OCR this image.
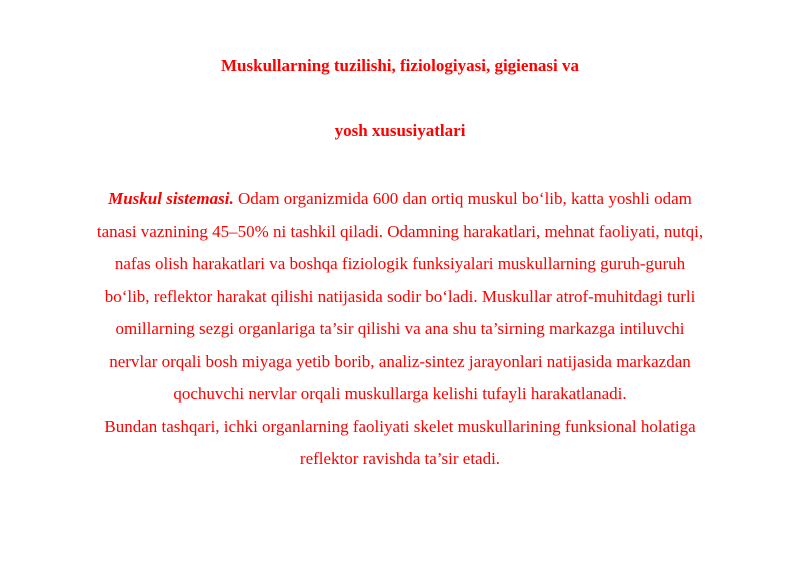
Muskullarning tuzilishi, fiziologiyasi, gigienasi va

yosh xususiyatlari

Muskul sistemasi. Odam organizmida 600 dan ortiq muskul bo‘lib, katta yoshli odam
tanasi vaznining 45–50% ni tashkil qiladi. Odamning harakatlari, mehnat faoliyati, nutqi,
nafas olish harakatlari va boshqa fiziologik funksiyalari muskullarning guruh-guruh
bo‘lib, reflektor harakat qilishi natijasida sodir bo‘ladi. Muskullar atrof-muhitdagi turli
omillarning sezgi organlariga ta’sir qilishi va ana shu ta’sirning markazga intiluvchi
nervlar orqali bosh miyaga yetib borib, analiz-sintez jarayonlari natijasida markazdan
qochuvchi nervlar orqali muskullarga kelishi tufayli harakatlanadi.
Bundan tashqari, ichki organlarning faoliyati skelet muskullarining funksional holatiga
reflektor ravishda ta’sir etadi.
